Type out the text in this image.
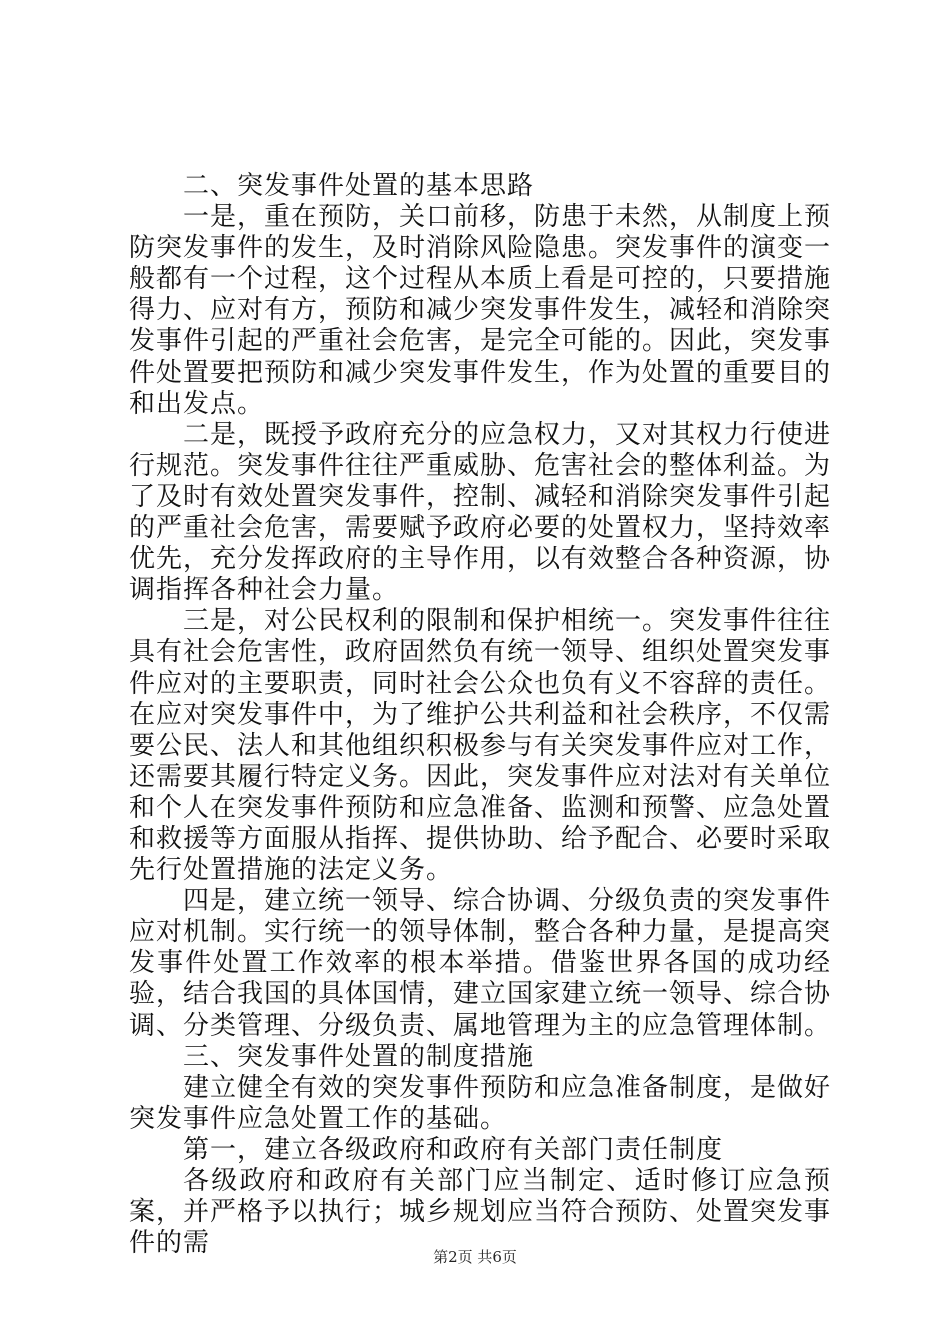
二、突发事件处置的基本思路

一是，重在预防，关口前移，防患于未然，从制度上预防突发事件的发生，及时消除风险隐患。突发事件的演变一般都有一个过程，这个过程从本质上看是可控的，只要措施得力、应对有方，预防和减少突发事件发生，减轻和消除突发事件引起的严重社会危害，是完全可能的。因此，突发事件处置要把预防和减少突发事件发生，作为处置的重要目的和出发点。

二是，既授予政府充分的应急权力，又对其权力行使进行规范。突发事件往往严重威胁、危害社会的整体利益。为了及时有效处置突发事件，控制、减轻和消除突发事件引起的严重社会危害，需要赋予政府必要的处置权力，坚持效率优先，充分发挥政府的主导作用，以有效整合各种资源，协调指挥各种社会力量。

三是，对公民权利的限制和保护相统一。突发事件往往具有社会危害性，政府固然负有统一领导、组织处置突发事件应对的主要职责，同时社会公众也负有义不容辞的责任。在应对突发事件中，为了维护公共利益和社会秩序，不仅需要公民、法人和其他组织积极参与有关突发事件应对工作，还需要其履行特定义务。因此，突发事件应对法对有关单位和个人在突发事件预防和应急准备、监测和预警、应急处置和救援等方面服从指挥、提供协助、给予配合、必要时采取先行处置措施的法定义务。

四是，建立统一领导、综合协调、分级负责的突发事件应对机制。实行统一的领导体制，整合各种力量，是提高突发事件处置工作效率的根本举措。借鉴世界各国的成功经验，结合我国的具体国情，建立国家建立统一领导、综合协调、分类管理、分级负责、属地管理为主的应急管理体制。

三、突发事件处置的制度措施

建立健全有效的突发事件预防和应急准备制度，是做好突发事件应急处置工作的基础。

第一，建立各级政府和政府有关部门责任制度

各级政府和政府有关部门应当制定、适时修订应急预案，并严格予以执行；城乡规划应当符合预防、处置突发事件的需	第2页 共6页
